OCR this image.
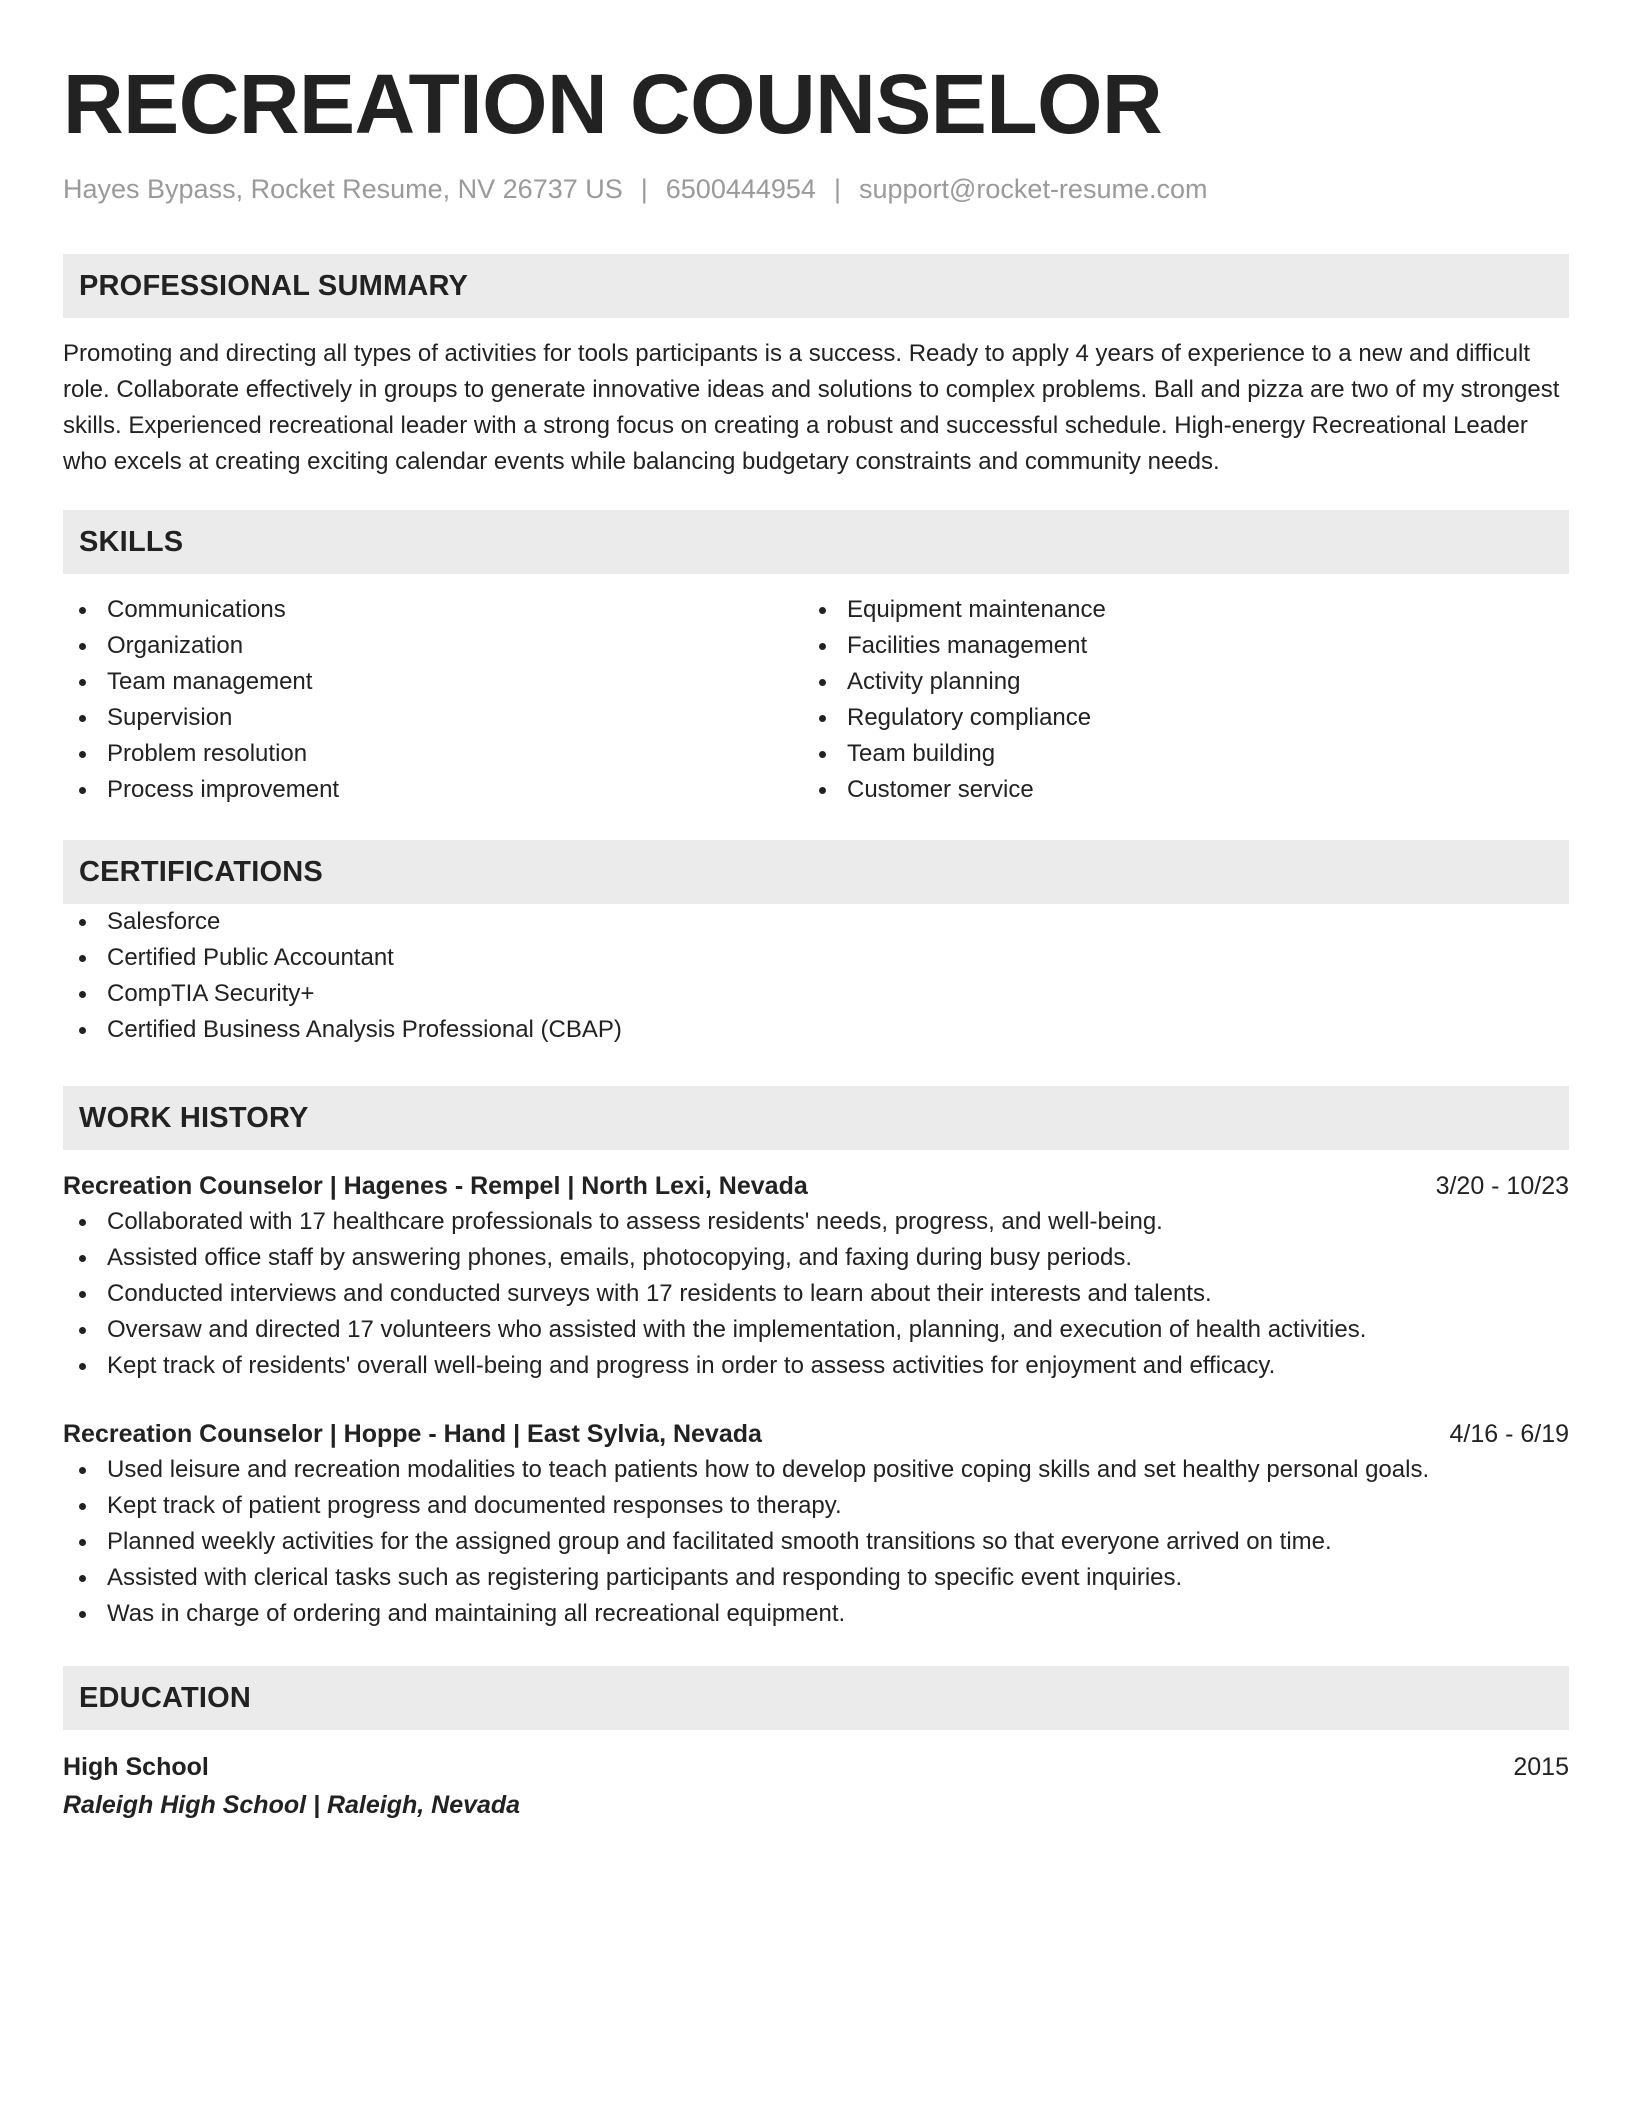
RECREATION COUNSELOR
Hayes Bypass, Rocket Resume, NV 26737 US | 6500444954 | support@rocket-resume.com
PROFESSIONAL SUMMARY
Promoting and directing all types of activities for tools participants is a success. Ready to apply 4 years of experience to a new and difficult role. Collaborate effectively in groups to generate innovative ideas and solutions to complex problems. Ball and pizza are two of my strongest skills. Experienced recreational leader with a strong focus on creating a robust and successful schedule. High-energy Recreational Leader who excels at creating exciting calendar events while balancing budgetary constraints and community needs.
SKILLS
Communications
Organization
Team management
Supervision
Problem resolution
Process improvement
Equipment maintenance
Facilities management
Activity planning
Regulatory compliance
Team building
Customer service
CERTIFICATIONS
Salesforce
Certified Public Accountant
CompTIA Security+
Certified Business Analysis Professional (CBAP)
WORK HISTORY
Recreation Counselor | Hagenes - Rempel | North Lexi, Nevada	3/20 - 10/23
Collaborated with 17 healthcare professionals to assess residents' needs, progress, and well-being.
Assisted office staff by answering phones, emails, photocopying, and faxing during busy periods.
Conducted interviews and conducted surveys with 17 residents to learn about their interests and talents.
Oversaw and directed 17 volunteers who assisted with the implementation, planning, and execution of health activities.
Kept track of residents' overall well-being and progress in order to assess activities for enjoyment and efficacy.
Recreation Counselor | Hoppe - Hand | East Sylvia, Nevada	4/16 - 6/19
Used leisure and recreation modalities to teach patients how to develop positive coping skills and set healthy personal goals.
Kept track of patient progress and documented responses to therapy.
Planned weekly activities for the assigned group and facilitated smooth transitions so that everyone arrived on time.
Assisted with clerical tasks such as registering participants and responding to specific event inquiries.
Was in charge of ordering and maintaining all recreational equipment.
EDUCATION
High School	2015
Raleigh High School | Raleigh, Nevada
